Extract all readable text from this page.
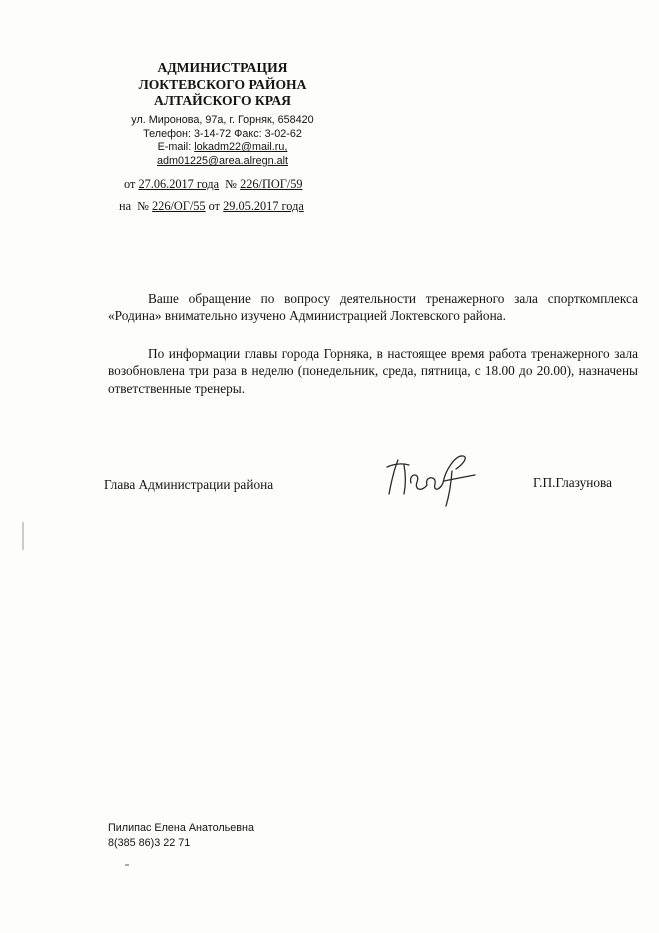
АДМИНИСТРАЦИЯ
ЛОКТЕВСКОГО РАЙОНА
АЛТАЙСКОГО КРАЯ
ул. Миронова, 97а, г. Горняк, 658420
Телефон: 3-14-72 Факс: 3-02-62
E-mail: lokadm22@mail.ru,
adm01225@area.alregn.alt
от 27.06.2017 года № 226/ПОГ/59
на № 226/ОГ/55 от 29.05.2017 года

Ваше обращение по вопросу деятельности тренажерного зала спорткомплекса «Родина» внимательно изучено Администрацией Локтевского района.

По информации главы города Горняка, в настоящее время работа тренажерного зала возобновлена три раза в неделю (понедельник, среда, пятница, с 18.00 до 20.00), назначены ответственные тренеры.

Глава Администрации района	Г.П.Глазунова
Пилипас Елена Анатольевна
8(385 86)3 22 71
